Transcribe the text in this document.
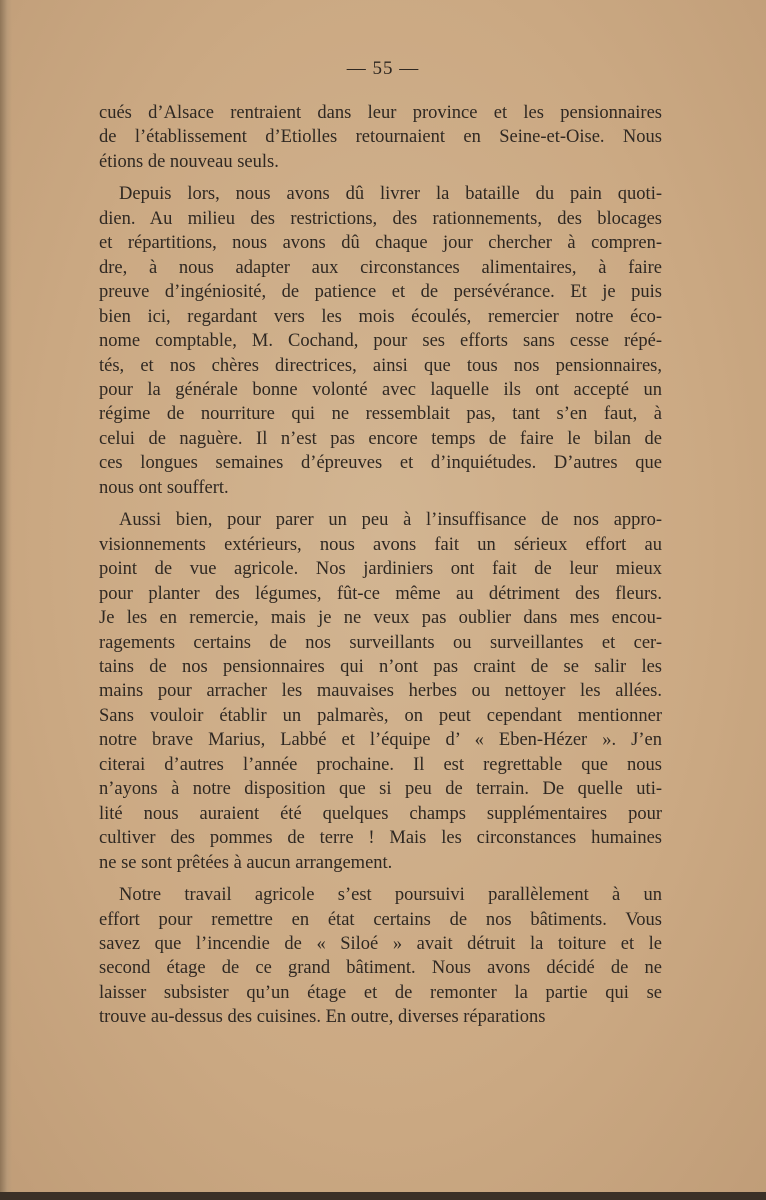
— 55 —
cués d’Alsace rentraient dans leur province et les pensionnaires
de l’établissement d’Etiolles retournaient en Seine-et-Oise. Nous
étions de nouveau seuls.
Depuis lors, nous avons dû livrer la bataille du pain quoti-
dien. Au milieu des restrictions, des rationnements, des blocages
et répartitions, nous avons dû chaque jour chercher à compren-
dre, à nous adapter aux circonstances alimentaires, à faire
preuve d’ingéniosité, de patience et de persévérance. Et je puis
bien ici, regardant vers les mois écoulés, remercier notre éco-
nome comptable, M. Cochand, pour ses efforts sans cesse répé-
tés, et nos chères directrices, ainsi que tous nos pensionnaires,
pour la générale bonne volonté avec laquelle ils ont accepté un
régime de nourriture qui ne ressemblait pas, tant s’en faut, à
celui de naguère. Il n’est pas encore temps de faire le bilan de
ces longues semaines d’épreuves et d’inquiétudes. D’autres que
nous ont souffert.
Aussi bien, pour parer un peu à l’insuffisance de nos appro-
visionnements extérieurs, nous avons fait un sérieux effort au
point de vue agricole. Nos jardiniers ont fait de leur mieux
pour planter des légumes, fût-ce même au détriment des fleurs.
Je les en remercie, mais je ne veux pas oublier dans mes encou-
ragements certains de nos surveillants ou surveillantes et cer-
tains de nos pensionnaires qui n’ont pas craint de se salir les
mains pour arracher les mauvaises herbes ou nettoyer les allées.
Sans vouloir établir un palmarès, on peut cependant mentionner
notre brave Marius, Labbé et l’équipe d’ « Eben-Hézer ». J’en
citerai d’autres l’année prochaine. Il est regrettable que nous
n’ayons à notre disposition que si peu de terrain. De quelle uti-
lité nous auraient été quelques champs supplémentaires pour
cultiver des pommes de terre ! Mais les circonstances humaines
ne se sont prêtées à aucun arrangement.
Notre travail agricole s’est poursuivi parallèlement à un
effort pour remettre en état certains de nos bâtiments. Vous
savez que l’incendie de « Siloé » avait détruit la toiture et le
second étage de ce grand bâtiment. Nous avons décidé de ne
laisser subsister qu’un étage et de remonter la partie qui se
trouve au-dessus des cuisines. En outre, diverses réparations
